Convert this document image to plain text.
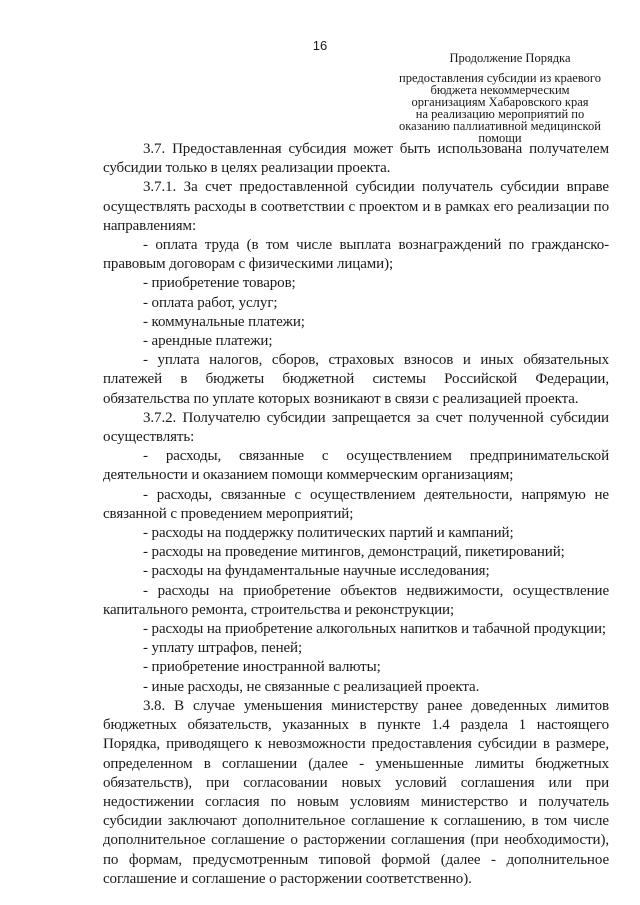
16
Продолжение Порядка
предоставления субсидии из краевого
бюджета некоммерческим
организациям Хабаровского края
на реализацию мероприятий по
оказанию паллиативной медицинской
помощи

3.7. Предоставленная субсидия может быть использована получателем субсидии только в целях реализации проекта.

3.7.1. За счет предоставленной субсидии получатель субсидии вправе осуществлять расходы в соответствии с проектом и в рамках его реализации по направлениям:

- оплата труда (в том числе выплата вознаграждений по гражданско-правовым договорам с физическими лицами);

- приобретение товаров;

- оплата работ, услуг;

- коммунальные платежи;

- арендные платежи;

- уплата налогов, сборов, страховых взносов и иных обязательных платежей в бюджеты бюджетной системы Российской Федерации, обязательства по уплате которых возникают в связи с реализацией проекта.

3.7.2. Получателю субсидии запрещается за счет полученной субсидии осуществлять:

- расходы, связанные с осуществлением предпринимательской деятельности и оказанием помощи коммерческим организациям;

- расходы, связанные с осуществлением деятельности, напрямую не связанной с проведением мероприятий;

- расходы на поддержку политических партий и кампаний;

- расходы на проведение митингов, демонстраций, пикетирований;

- расходы на фундаментальные научные исследования;

- расходы на приобретение объектов недвижимости, осуществление капитального ремонта, строительства и реконструкции;

- расходы на приобретение алкогольных напитков и табачной продукции;

- уплату штрафов, пеней;

- приобретение иностранной валюты;

- иные расходы, не связанные с реализацией проекта.

3.8. В случае уменьшения министерству ранее доведенных лимитов бюджетных обязательств, указанных в пункте 1.4 раздела 1 настоящего Порядка, приводящего к невозможности предоставления субсидии в размере, определенном в соглашении (далее - уменьшенные лимиты бюджетных обязательств), при согласовании новых условий соглашения или при недостижении согласия по новым условиям министерство и получатель субсидии заключают дополнительное соглашение к соглашению, в том числе дополнительное соглашение о расторжении соглашения (при необходимости), по формам, предусмотренным типовой формой (далее - дополнительное соглашение и соглашение о расторжении соответственно).
